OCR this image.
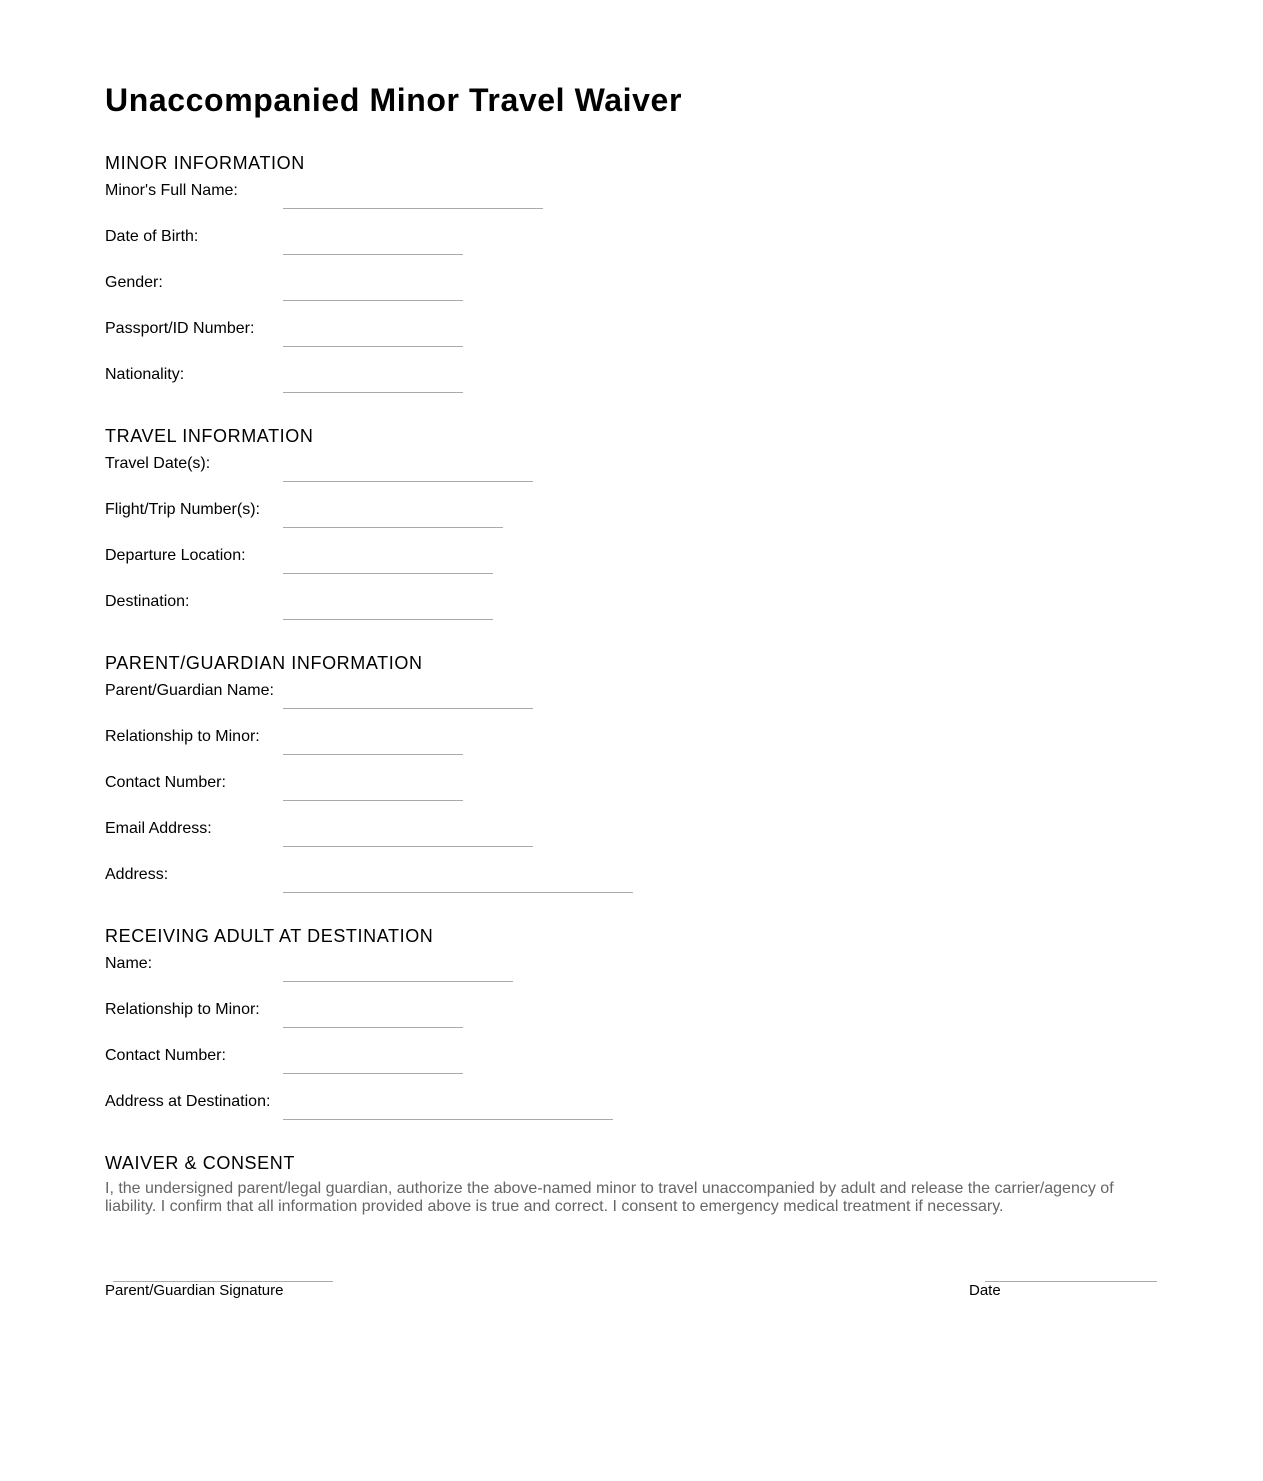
Unaccompanied Minor Travel Waiver
MINOR INFORMATION
Minor's Full Name:
Date of Birth:
Gender:
Passport/ID Number:
Nationality:
TRAVEL INFORMATION
Travel Date(s):
Flight/Trip Number(s):
Departure Location:
Destination:
PARENT/GUARDIAN INFORMATION
Parent/Guardian Name:
Relationship to Minor:
Contact Number:
Email Address:
Address:
RECEIVING ADULT AT DESTINATION
Name:
Relationship to Minor:
Contact Number:
Address at Destination:
WAIVER & CONSENT

I, the undersigned parent/legal guardian, authorize the above-named minor to travel unaccompanied by adult and release the carrier/agency of liability. I confirm that all information provided above is true and correct. I consent to emergency medical treatment if necessary.

Parent/Guardian Signature	Date
